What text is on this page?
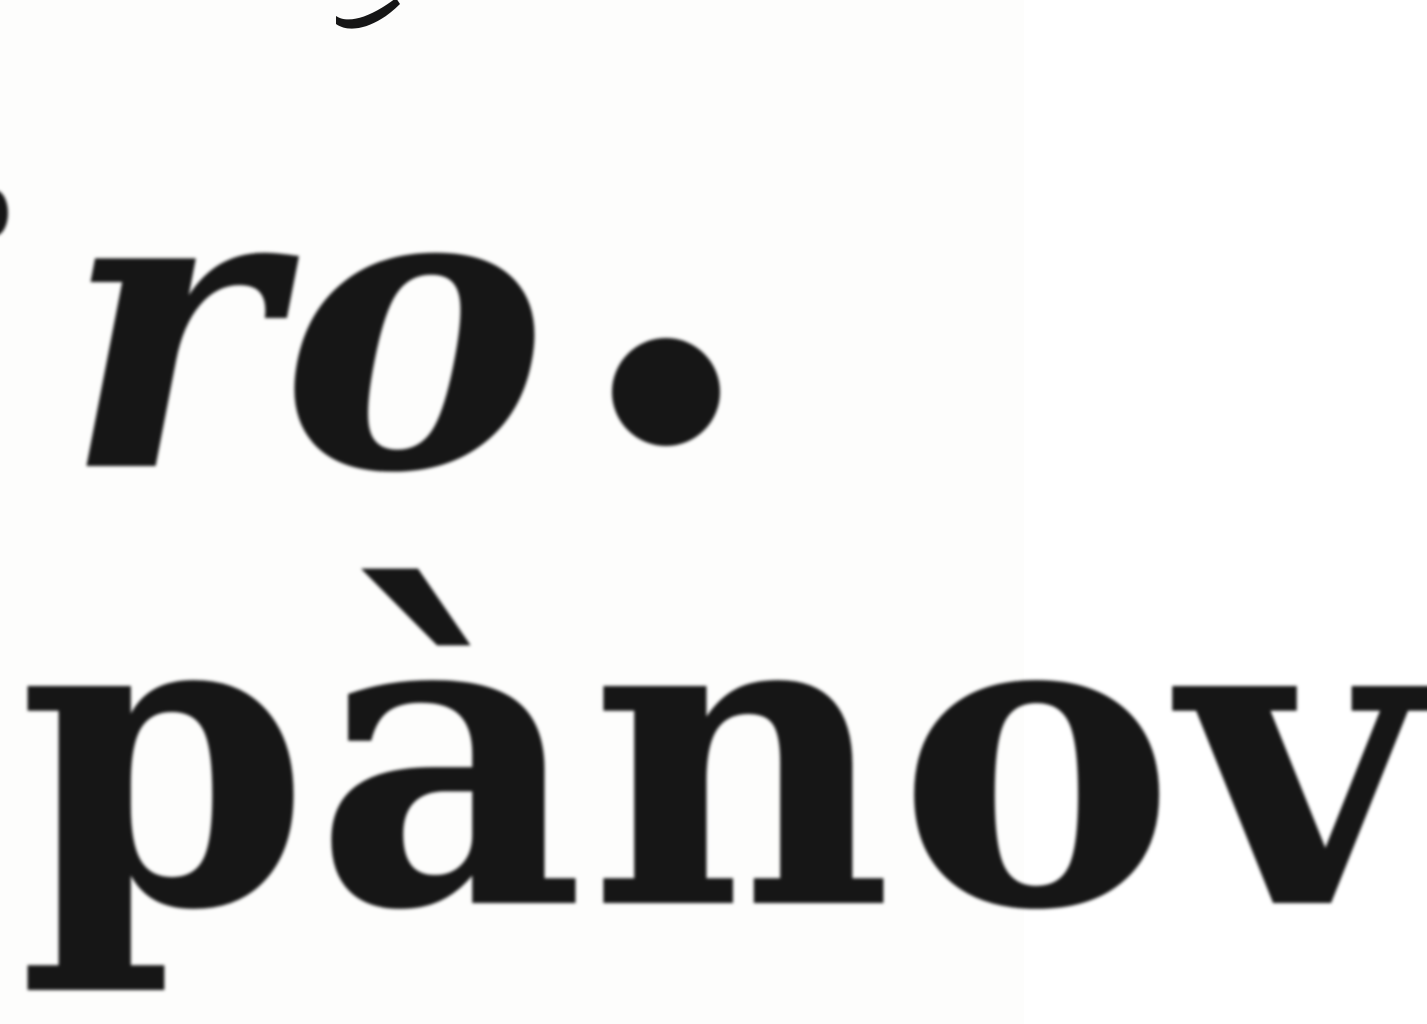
ro

pànov
